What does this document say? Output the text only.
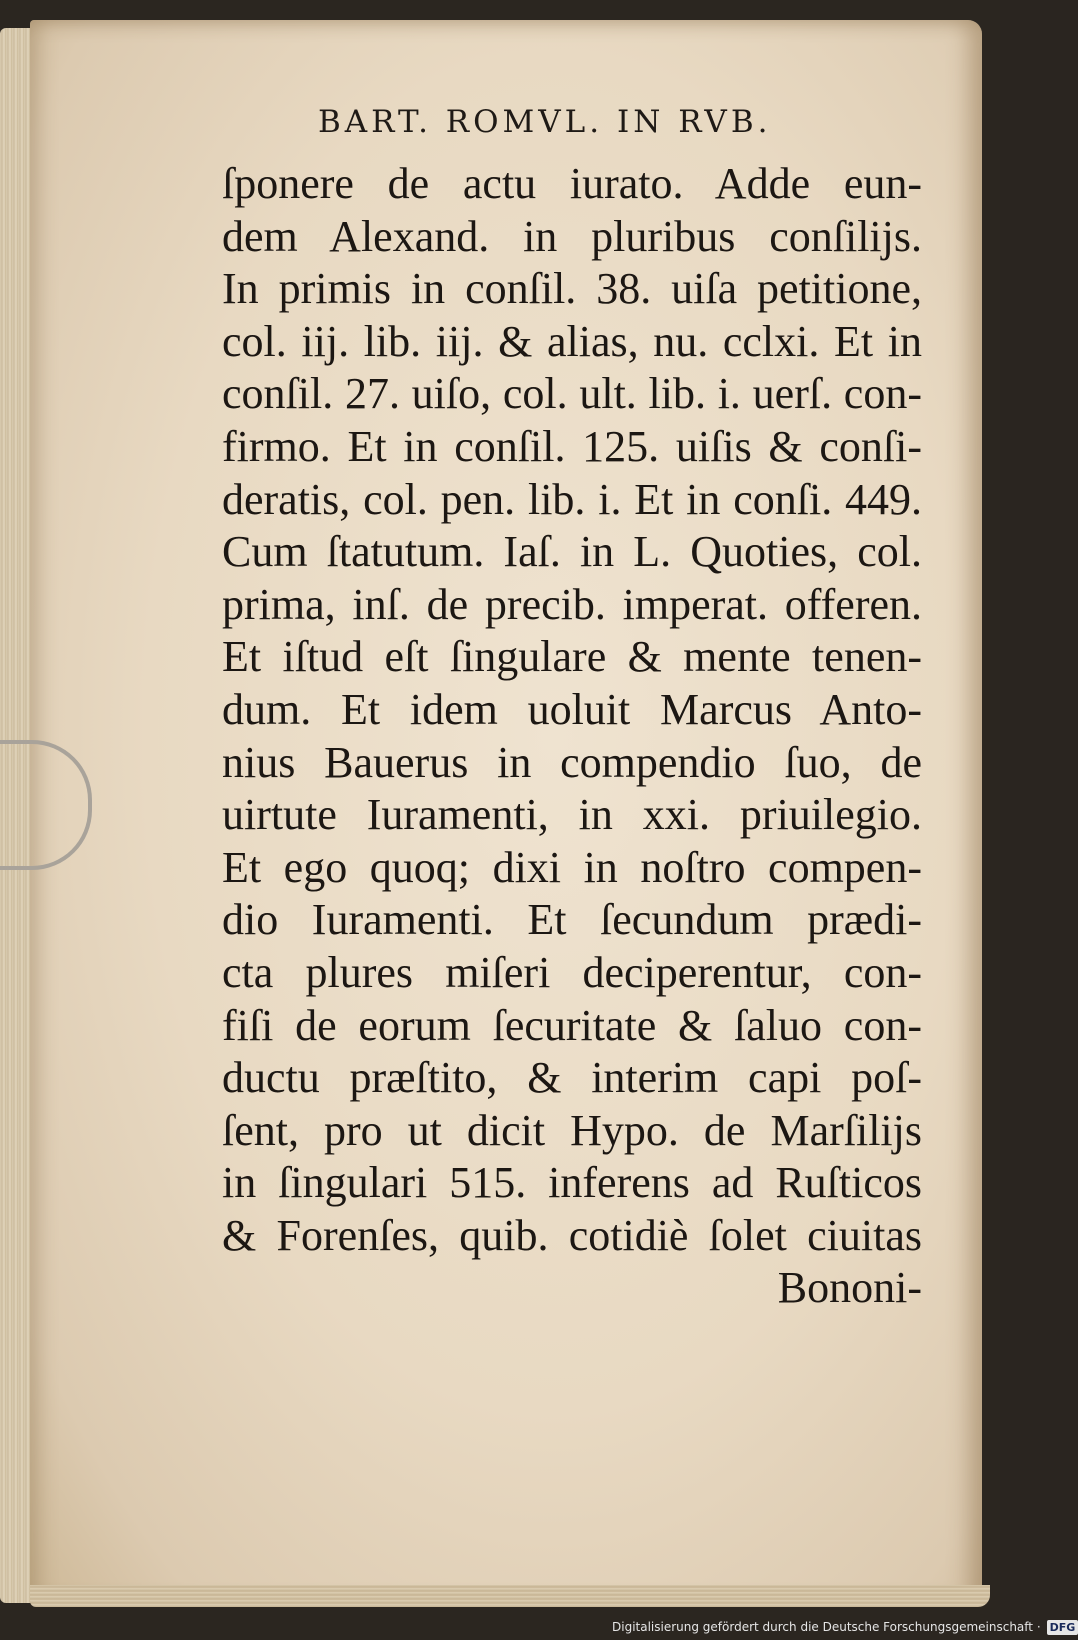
BART. ROMVL. IN RVB.
ſponere de actu iurato. Adde eun-
dem Alexand. in pluribus conſilijs.
In primis in conſil. 38. uiſa petitione,
col. iij. lib. iij. & alias, nu. cclxi. Et in
conſil. 27. uiſo, col. ult. lib. i. uerſ. con-
firmo. Et in conſil. 125. uiſis & conſi-
deratis, col. pen. lib. i. Et in conſi. 449.
Cum ſtatutum. Iaſ. in L. Quoties, col.
prima, inſ. de precib. imperat. offeren.
Et iſtud eſt ſingulare & mente tenen-
dum. Et idem uoluit Marcus Anto-
nius Bauerus in compendio ſuo, de
uirtute Iuramenti, in xxi. priuilegio.
Et ego quoq; dixi in noſtro compen-
dio Iuramenti. Et ſecundum prædi-
cta plures miſeri deciperentur, con-
fiſi de eorum ſecuritate & ſaluo con-
ductu præſtito, & interim capi poſ-
ſent, pro ut dicit Hypo. de Marſilijs
in ſingulari 515. inferens ad Ruſticos
& Forenſes, quib. cotidiè ſolet ciuitas
Bononi-
Digitalisierung gefördert durch die Deutsche Forschungsgemeinschaft · DFG
